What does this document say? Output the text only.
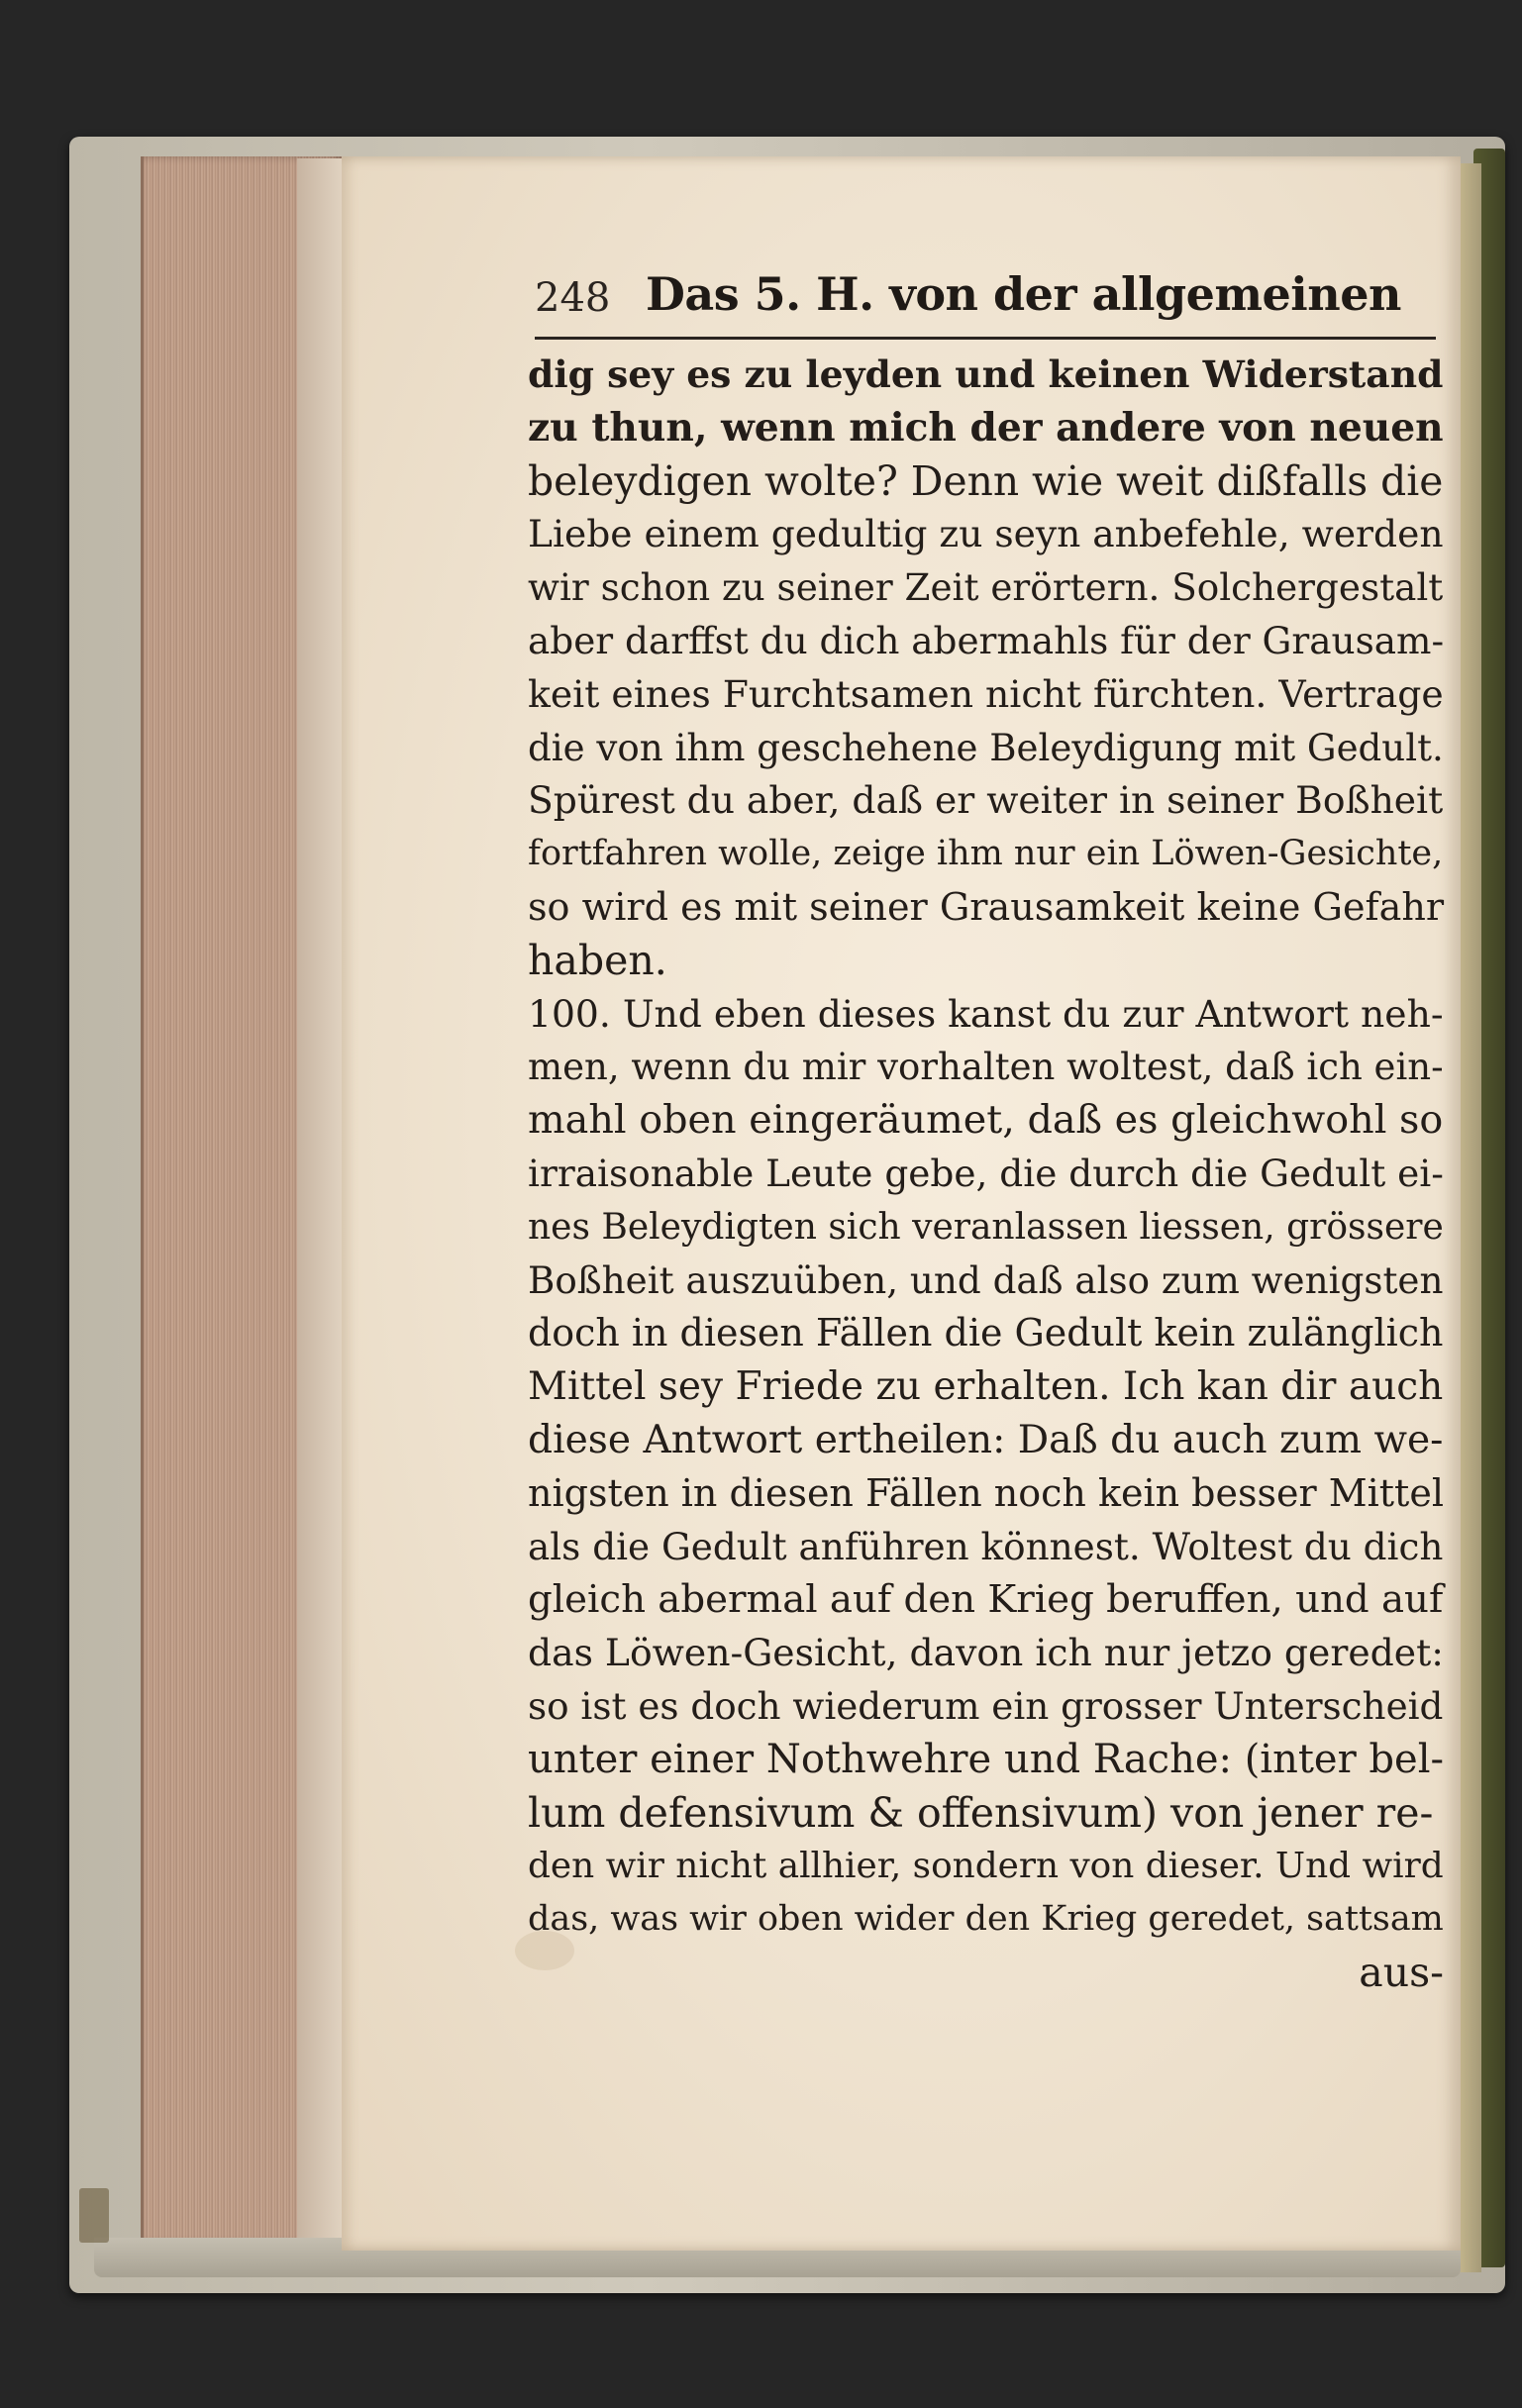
248 Das 5. H. von der allgemeinen
dig sey es zu leyden und keinen Widerstand
zu thun, wenn mich der andere von neuen
beleydigen wolte? Denn wie weit dißfalls die
Liebe einem gedultig zu seyn anbefehle, werden
wir schon zu seiner Zeit erörtern. Solchergestalt
aber darffst du dich abermahls für der Grausam-
keit eines Furchtsamen nicht fürchten. Vertrage
die von ihm geschehene Beleydigung mit Gedult.
Spürest du aber, daß er weiter in seiner Boßheit
fortfahren wolle, zeige ihm nur ein Löwen-Gesichte,
so wird es mit seiner Grausamkeit keine Gefahr
haben.
100. Und eben dieses kanst du zur Antwort neh-
men, wenn du mir vorhalten woltest, daß ich ein-
mahl oben eingeräumet, daß es gleichwohl so
irraisonable Leute gebe, die durch die Gedult ei-
nes Beleydigten sich veranlassen liessen, grössere
Boßheit auszuüben, und daß also zum wenigsten
doch in diesen Fällen die Gedult kein zulänglich
Mittel sey Friede zu erhalten. Ich kan dir auch
diese Antwort ertheilen: Daß du auch zum we-
nigsten in diesen Fällen noch kein besser Mittel
als die Gedult anführen könnest. Woltest du dich
gleich abermal auf den Krieg beruffen, und auf
das Löwen-Gesicht, davon ich nur jetzo geredet:
so ist es doch wiederum ein grosser Unterscheid
unter einer Nothwehre und Rache: (inter bel-
lum defensivum & offensivum) von jener re-
den wir nicht allhier, sondern von dieser. Und wird
das, was wir oben wider den Krieg geredet, sattsam
aus-
